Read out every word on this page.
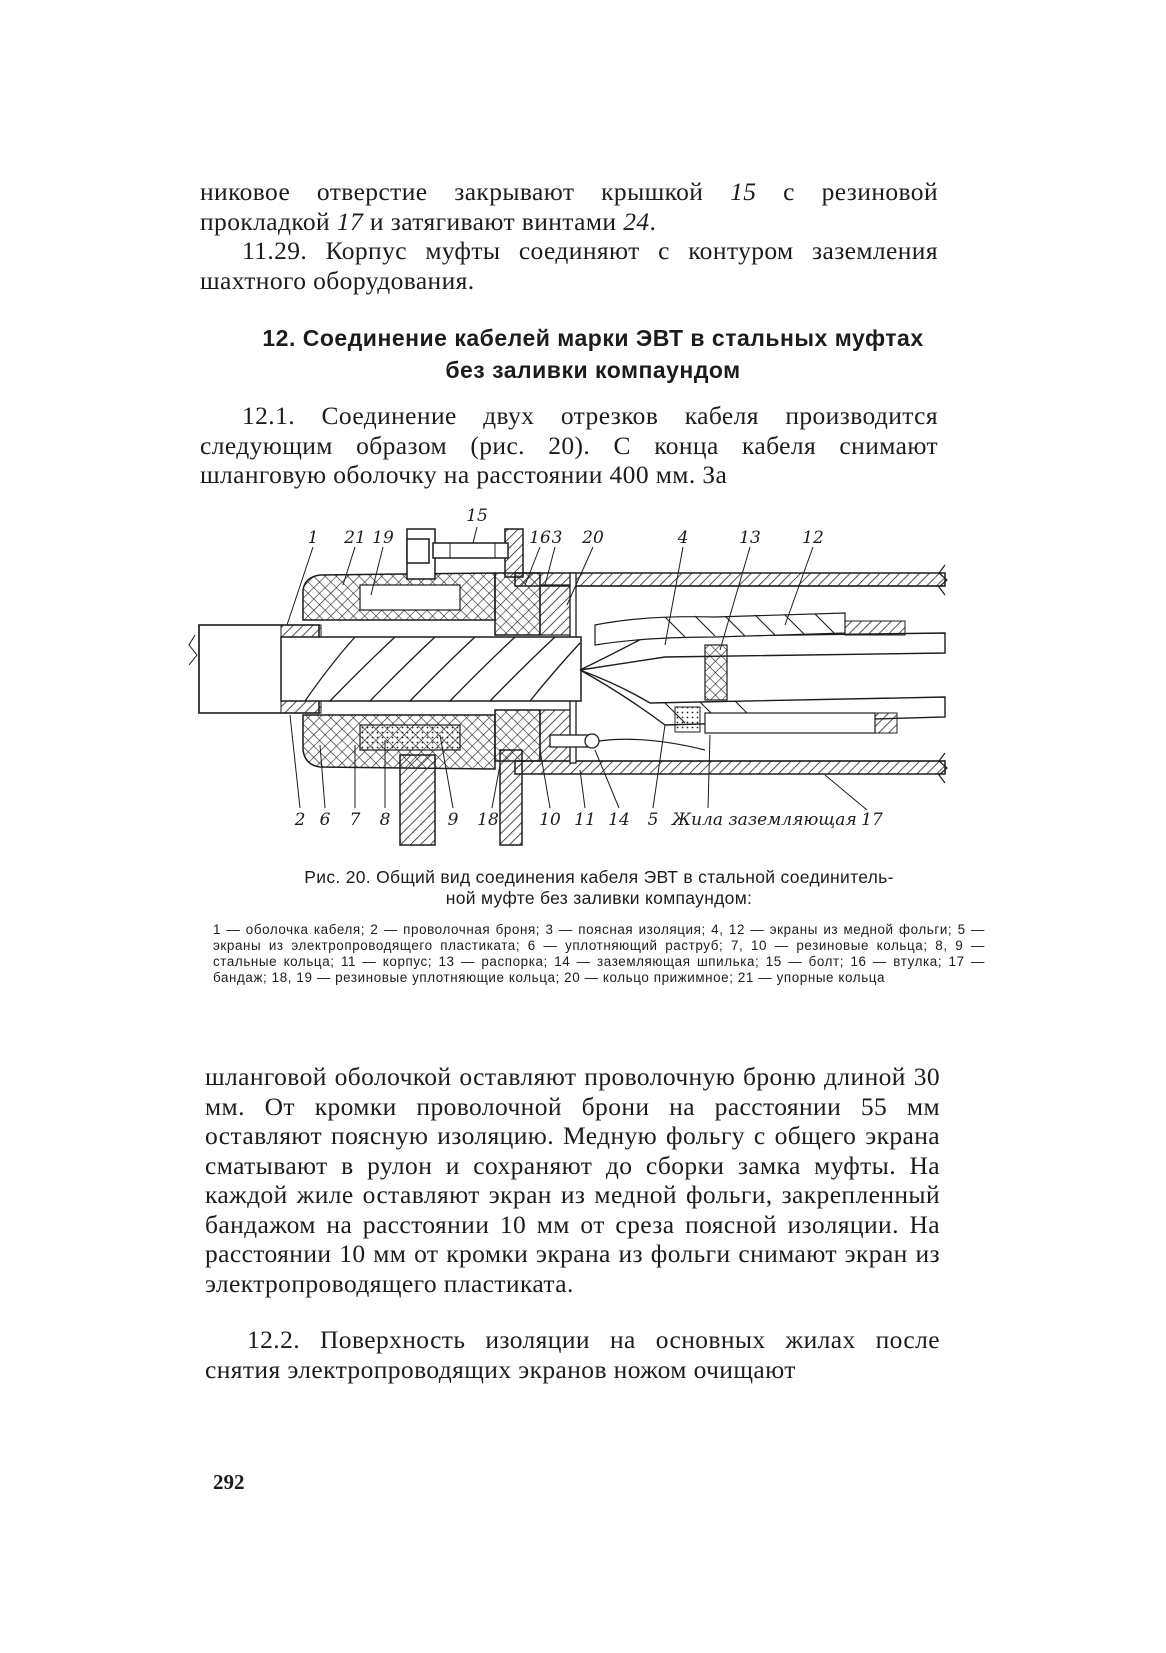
никовое отверстие закрывают крышкой 15 с резиновой прокладкой 17 и затягивают винтами 24.

11.29. Корпус муфты соединяют с контуром заземления шахтного оборудования.

12. Соединение кабелей марки ЭВТ в стальных муфтах
без заливки компаундом

12.1. Соединение двух отрезков кабеля производится следующим образом (рис. 20). С конца кабеля снимают шланговую оболочку на расстоянии 400 мм. За

1 21 19
15
16 3 20	4	13 12
2 6 7 8	9 18 10 11 14 5 Жила заземляющая 17

Рис. 20. Общий вид соединения кабеля ЭВТ в стальной соединитель-
ной муфте без заливки компаундом:

1 — оболочка кабеля; 2 — проволочная броня; 3 — поясная изоляция; 4, 12 — экраны из медной фольги; 5 — экраны из электропроводящего пластиката; 6 — уплотняющий раструб; 7, 10 — резиновые кольца; 8, 9 — стальные кольца; 11 — корпус; 13 — распорка; 14 — заземляющая шпилька; 15 — болт; 16 — втулка; 17 — бандаж; 18, 19 — резиновые уплотняющие кольца; 20 — кольцо прижимное; 21 — упорные кольца

шланговой оболочкой оставляют проволочную броню длиной 30 мм. От кромки проволочной брони на расстоянии 55 мм оставляют поясную изоляцию. Медную фольгу с общего экрана сматывают в рулон и сохраняют до сборки замка муфты. На каждой жиле оставляют экран из медной фольги, закрепленный бандажом на расстоянии 10 мм от среза поясной изоляции. На расстоянии 10 мм от кромки экрана из фольги снимают экран из электропроводящего пластиката.

12.2. Поверхность изоляции на основных жилах после снятия электропроводящих экранов ножом очищают

292
